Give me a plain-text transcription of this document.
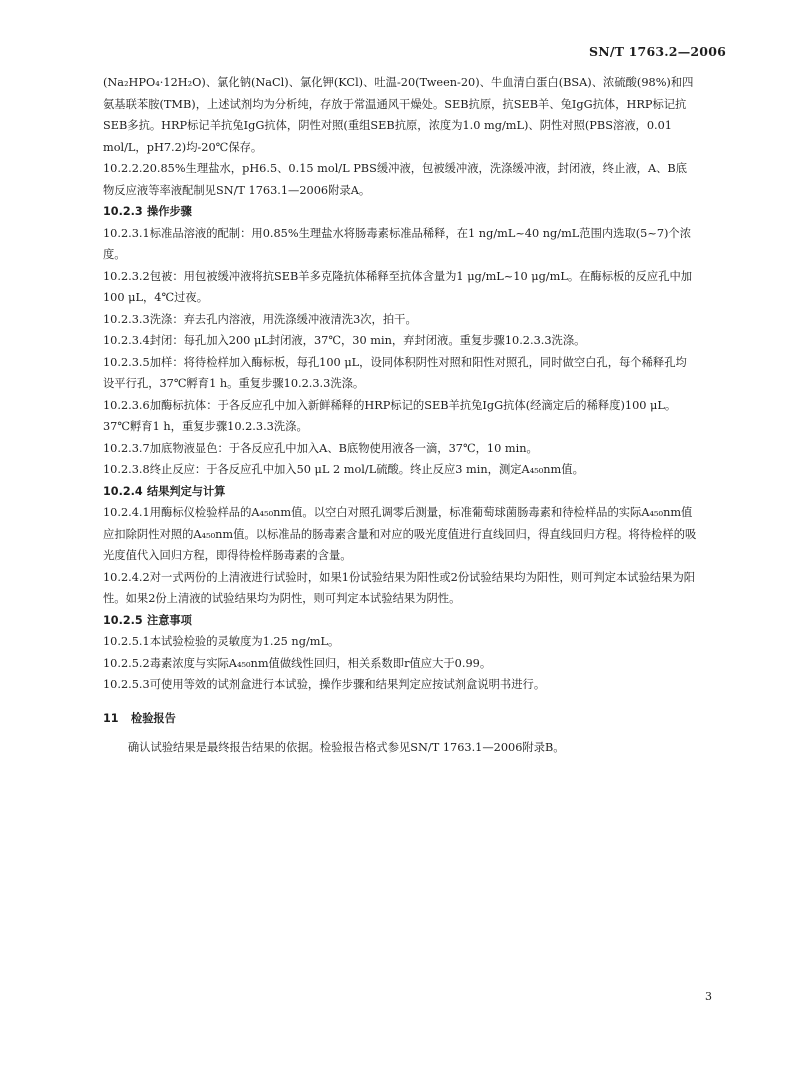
SN/T 1763.2—2006

(Na₂HPO₄·12H₂O)、氯化钠(NaCl)、氯化钾(KCl)、吐温-20(Tween-20)、牛血清白蛋白(BSA)、浓硫酸(98%)和四氨基联苯胺(TMB)，上述试剂均为分析纯，存放于常温通风干燥处。SEB抗原，抗SEB羊、兔IgG抗体，HRP标记抗SEB多抗。HRP标记羊抗兔IgG抗体，阴性对照(重组SEB抗原，浓度为1.0 mg/mL)、阴性对照(PBS溶液，0.01 mol/L，pH7.2)均-20℃保存。

10.2.2.20.85%生理盐水，pH6.5、0.15 mol/L PBS缓冲液，包被缓冲液，洗涤缓冲液，封闭液，终止液，A、B底物反应液等率液配制见SN/T 1763.1—2006附录A。

10.2.3 操作步骤

10.2.3.1标准品溶液的配制：用0.85%生理盐水将肠毒素标准品稀释，在1 ng/mL~40 ng/mL范围内选取(5~7)个浓度。

10.2.3.2包被：用包被缓冲液将抗SEB羊多克隆抗体稀释至抗体含量为1 μg/mL~10 μg/mL。在酶标板的反应孔中加100 μL，4℃过夜。

10.2.3.3洗涤：弃去孔内溶液，用洗涤缓冲液清洗3次，拍干。

10.2.3.4封闭：每孔加入200 μL封闭液，37℃，30 min，弃封闭液。重复步骤10.2.3.3洗涤。

10.2.3.5加样：将待检样加入酶标板，每孔100 μL，设同体积阴性对照和阳性对照孔，同时做空白孔，每个稀释孔均设平行孔，37℃孵育1 h。重复步骤10.2.3.3洗涤。

10.2.3.6加酶标抗体：于各反应孔中加入新鲜稀释的HRP标记的SEB羊抗兔IgG抗体(经滴定后的稀释度)100 μL。37℃孵育1 h，重复步骤10.2.3.3洗涤。

10.2.3.7加底物液显色：于各反应孔中加入A、B底物使用液各一滴，37℃，10 min。

10.2.3.8终止反应：于各反应孔中加入50 μL 2 mol/L硫酸。终止反应3 min，测定A₄₅₀nm值。

10.2.4 结果判定与计算

10.2.4.1用酶标仪检验样品的A₄₅₀nm值。以空白对照孔调零后测量，标准葡萄球菌肠毒素和待检样品的实际A₄₅₀nm值应扣除阴性对照的A₄₅₀nm值。以标准品的肠毒素含量和对应的吸光度值进行直线回归，得直线回归方程。将待检样的吸光度值代入回归方程，即得待检样肠毒素的含量。

10.2.4.2对一式两份的上清液进行试验时，如果1份试验结果为阳性或2份试验结果均为阳性，则可判定本试验结果为阳性。如果2份上清液的试验结果均为阴性，则可判定本试验结果为阴性。

10.2.5 注意事项

10.2.5.1本试验检验的灵敏度为1.25 ng/mL。

10.2.5.2毒素浓度与实际A₄₅₀nm值做线性回归，相关系数即r值应大于0.99。

10.2.5.3可使用等效的试剂盒进行本试验，操作步骤和结果判定应按试剂盒说明书进行。

11 检验报告

确认试验结果是最终报告结果的依据。检验报告格式参见SN/T 1763.1—2006附录B。

3
